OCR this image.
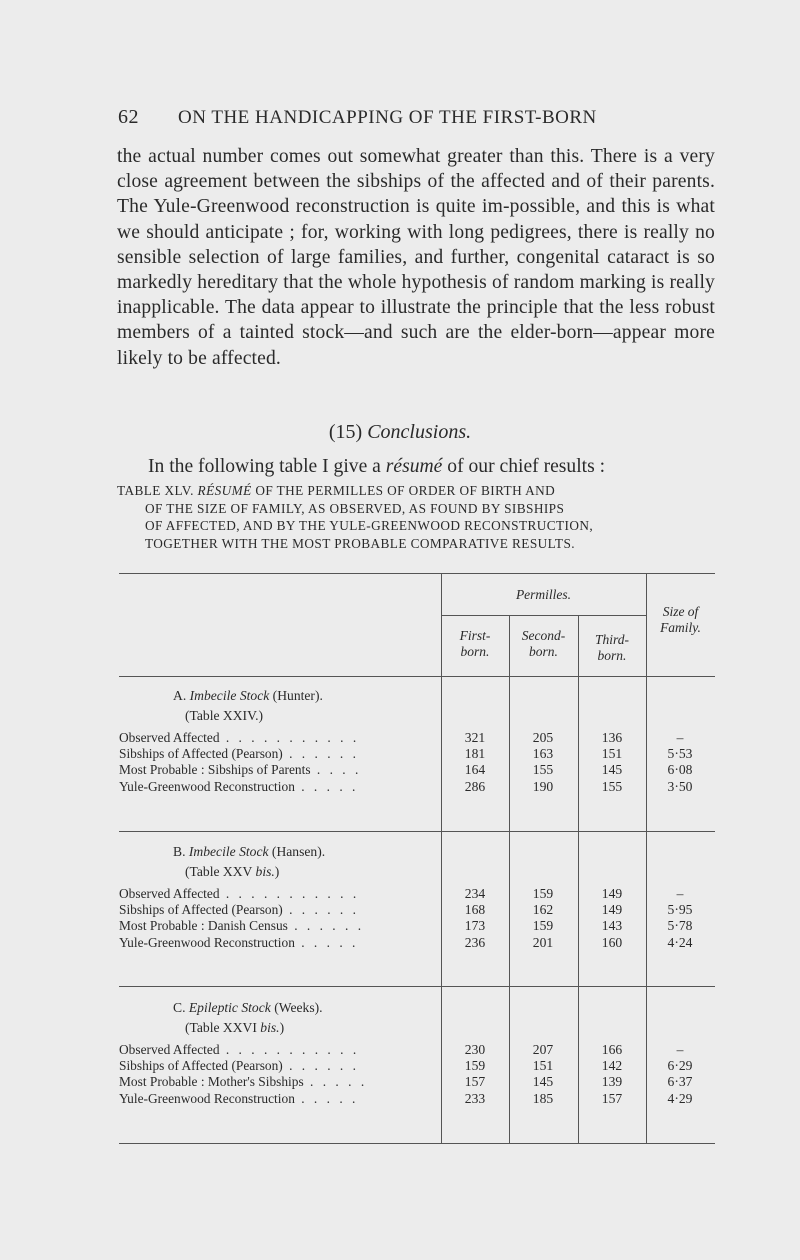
62 ON THE HANDICAPPING OF THE FIRST-BORN

the actual number comes out somewhat greater than this. There is a very close agreement between the sibships of the affected and of their parents. The Yule-Greenwood reconstruction is quite im-possible, and this is what we should anticipate ; for, working with long pedigrees, there is really no sensible selection of large families, and further, congenital cataract is so markedly hereditary that the whole hypothesis of random marking is really inapplicable. The data appear to illustrate the principle that the less robust members of a tainted stock—and such are the elder-born—appear more likely to be affected.

(15) Conclusions.
In the following table I give a résumé of our chief results :
TABLE XLV. RÉSUMÉ OF THE PERMILLES OF ORDER OF BIRTH AND
OF THE SIZE OF FAMILY, AS OBSERVED, AS FOUND BY SIBSHIPS
OF AFFECTED, AND BY THE YULE-GREENWOOD RECONSTRUCTION,
TOGETHER WITH THE MOST PROBABLE COMPARATIVE RESULTS.
Permilles.
First-
born.
Second-
born.
Third-
born.
Size of
Family.
A. Imbecile Stock (Hunter).
(Table XXIV.)
Observed Affected . . . . . . . . . . .	321	205	136	–
Sibships of Affected (Pearson) . . . . . .	181	163	151	5·53
Most Probable : Sibships of Parents . . . .	164	155	145	6·08
Yule-Greenwood Reconstruction . . . . .	286	190	155	3·50
B. Imbecile Stock (Hansen).
(Table XXV bis.)
Observed Affected . . . . . . . . . . .	234	159	149	–
Sibships of Affected (Pearson) . . . . . .	168	162	149	5·95
Most Probable : Danish Census . . . . . .	173	159	143	5·78
Yule-Greenwood Reconstruction . . . . .	236	201	160	4·24
C. Epileptic Stock (Weeks).
(Table XXVI bis.)
Observed Affected . . . . . . . . . . .	230	207	166	–
Sibships of Affected (Pearson) . . . . . .	159	151	142	6·29
Most Probable : Mother's Sibships . . . . .	157	145	139	6·37
Yule-Greenwood Reconstruction . . . . .	233	185	157	4·29
